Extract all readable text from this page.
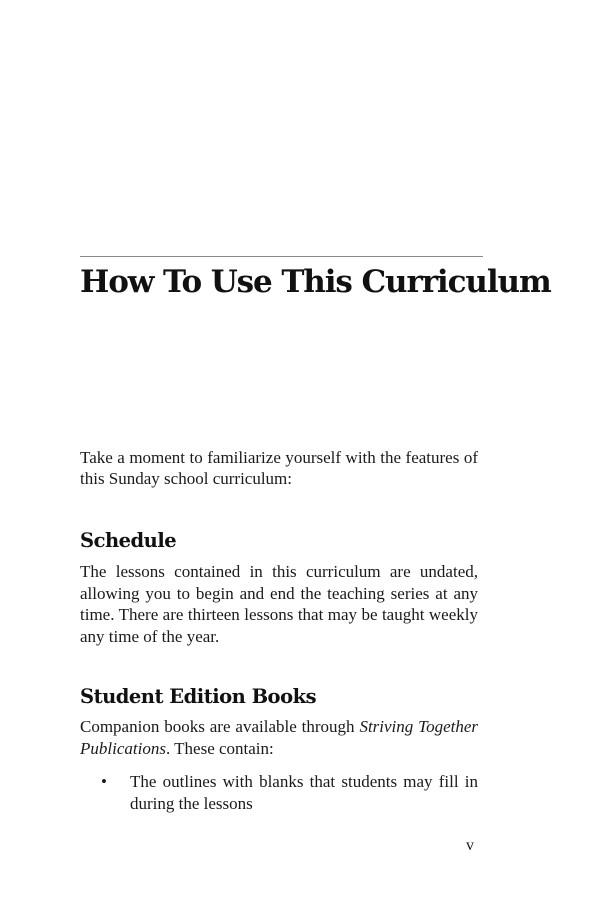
How To Use This Curriculum

Take a moment to familiarize yourself with the features of this Sunday school curriculum:

Schedule

The lessons contained in this curriculum are undated, allowing you to begin and end the teaching series at any time. There are thirteen lessons that may be taught weekly any time of the year.

Student Edition Books

Companion books are available through Striving Together Publications. These contain:

• The outlines with blanks that students may fill in during the lessons
v
